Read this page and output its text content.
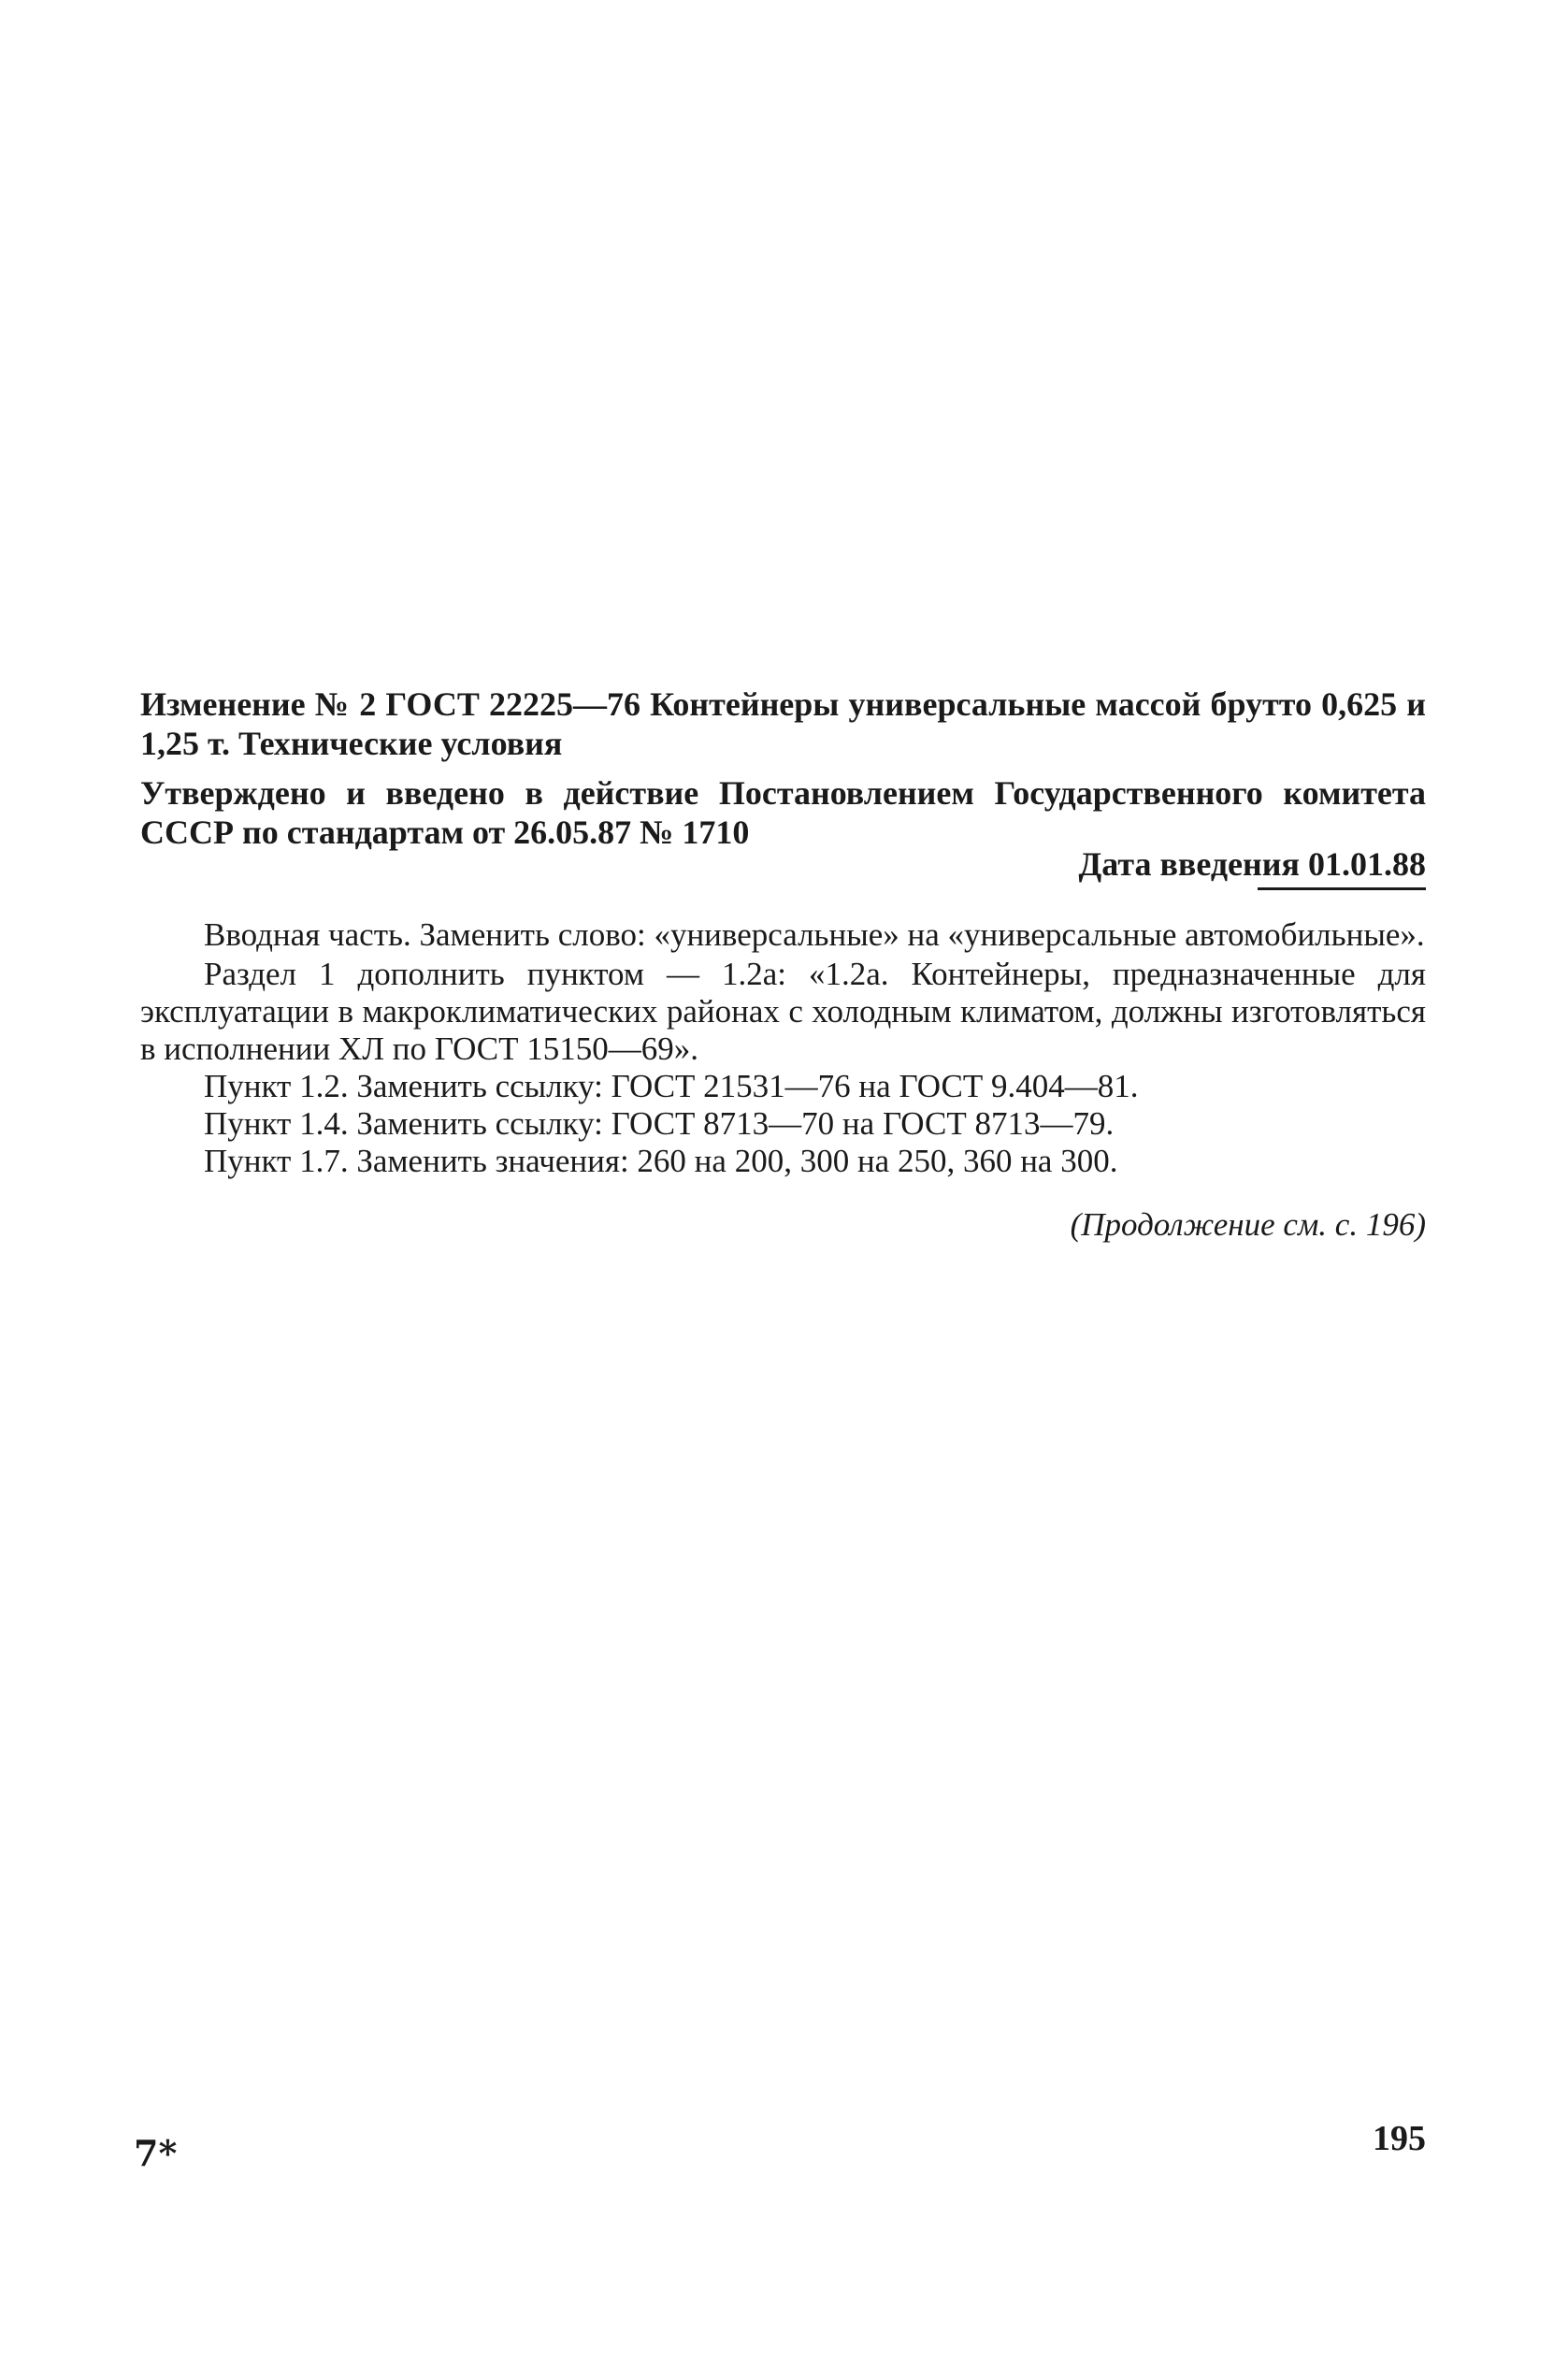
Изменение № 2 ГОСТ 22225—76 Контейнеры универсальные массой брутто 0,625 и 1,25 т. Технические условия

Утверждено и введено в действие Постановлением Государственного комитета СССР по стандартам от 26.05.87 № 1710

Дата введения 01.01.88

Вводная часть. Заменить слово: «универсальные» на «универсальные автомобильные».

Раздел 1 дополнить пунктом — 1.2а: «1.2а. Контейнеры, предназначенные для эксплуатации в макроклиматических районах с холодным климатом, должны изготовляться в исполнении ХЛ по ГОСТ 15150—69».

Пункт 1.2. Заменить ссылку: ГОСТ 21531—76 на ГОСТ 9.404—81.

Пункт 1.4. Заменить ссылку: ГОСТ 8713—70 на ГОСТ 8713—79.

Пункт 1.7. Заменить значения: 260 на 200, 300 на 250, 360 на 300.

(Продолжение см. с. 196)
7*	195
